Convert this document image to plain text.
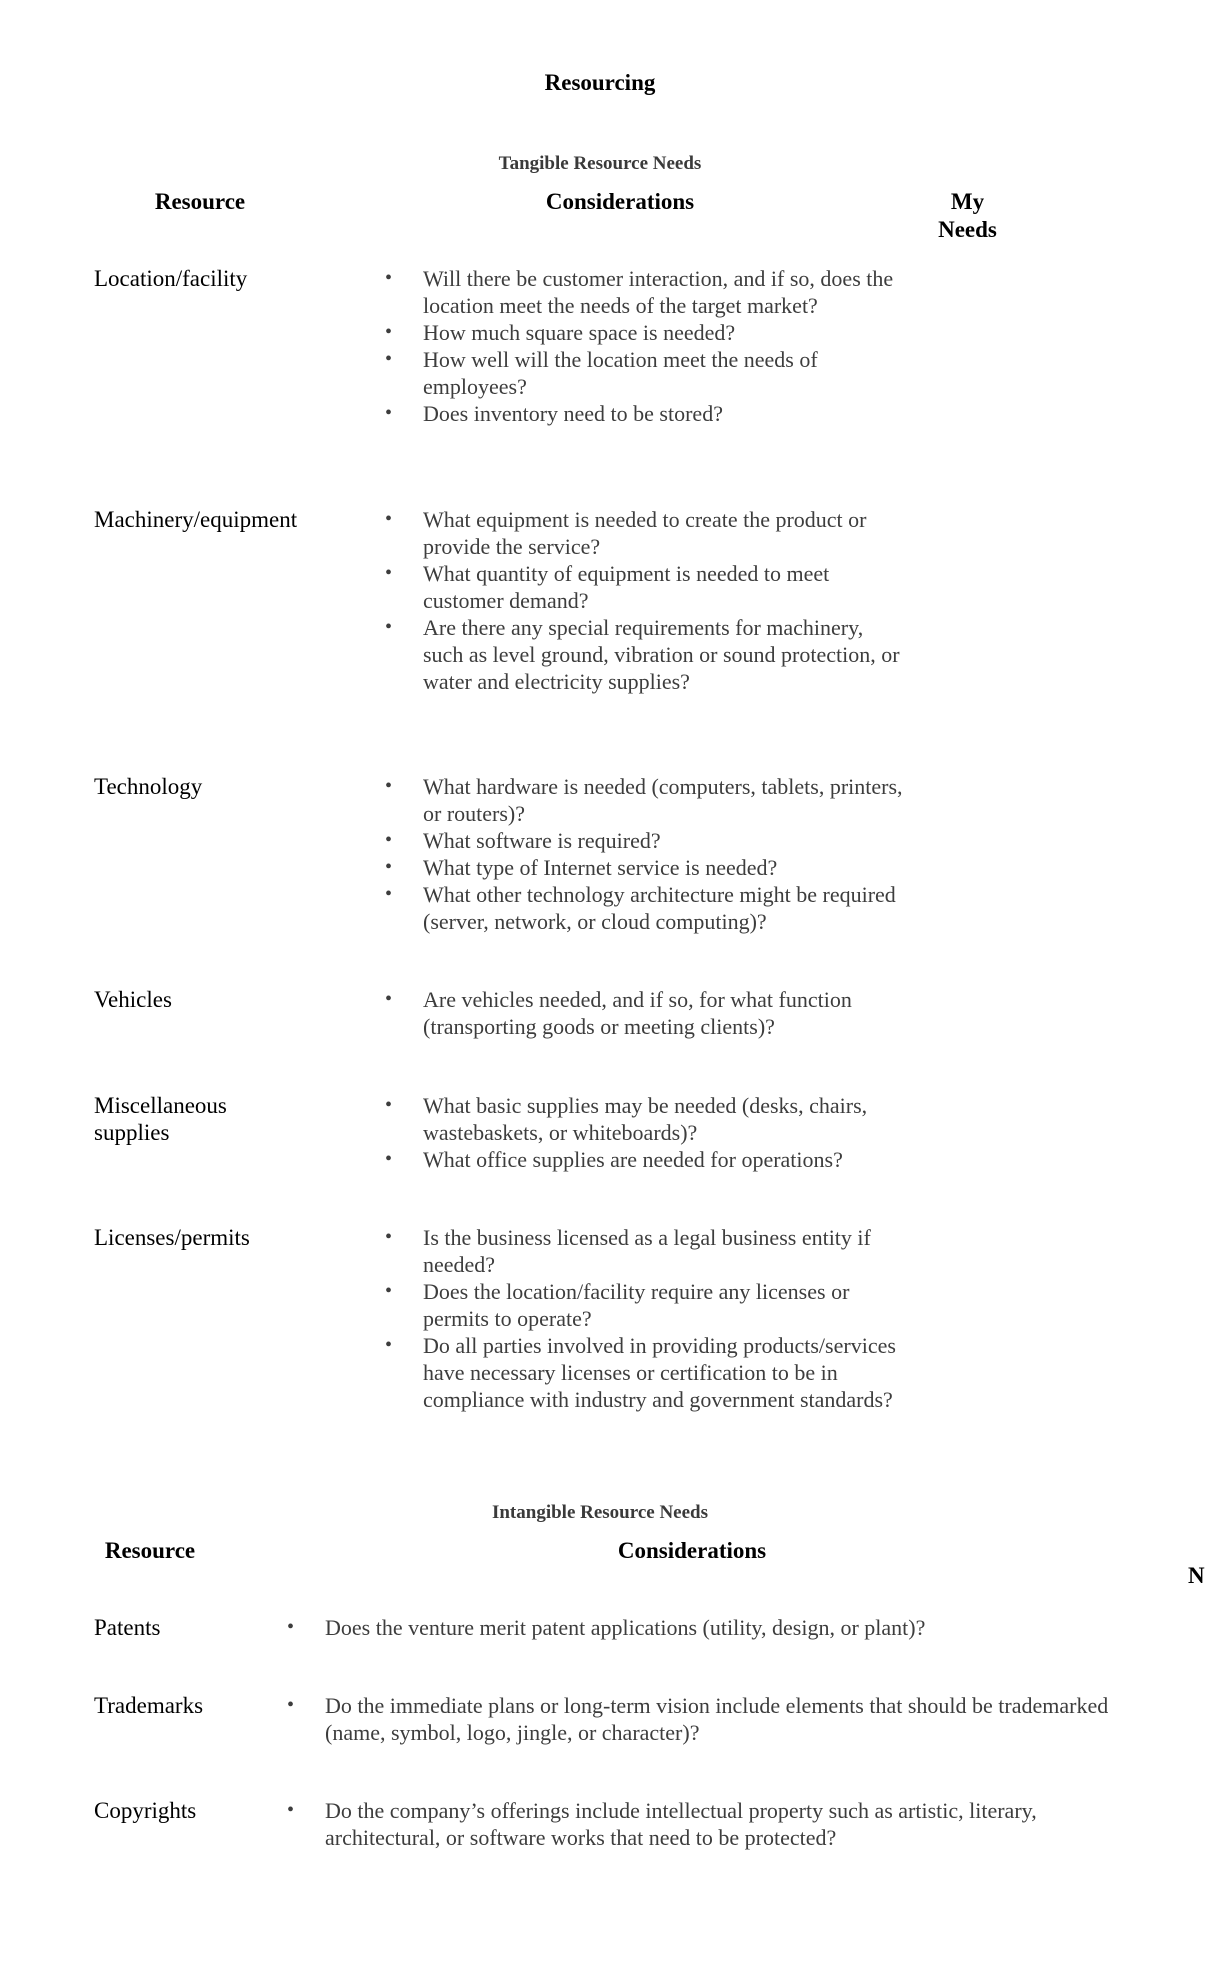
Resourcing
Tangible Resource Needs
Resource	Considerations	My
Needs
Location/facility	• Will there be customer interaction, and if so, does the location meet the needs of the target market?
• How much square space is needed?
• How well will the location meet the needs of employees?
• Does inventory need to be stored?
Machinery/equipment	• What equipment is needed to create the product or provide the service?
• What quantity of equipment is needed to meet customer demand?
• Are there any special requirements for machinery, such as level ground, vibration or sound protection, or water and electricity supplies?
Technology	• What hardware is needed (computers, tablets, printers, or routers)?
• What software is required?
• What type of Internet service is needed?
• What other technology architecture might be required (server, network, or cloud computing)?
Vehicles	• Are vehicles needed, and if so, for what function (transporting goods or meeting clients)?
Miscellaneous
supplies
• What basic supplies may be needed (desks, chairs, wastebaskets, or whiteboards)?
• What office supplies are needed for operations?
Licenses/permits	• Is the business licensed as a legal business entity if needed?
• Does the location/facility require any licenses or permits to operate?
• Do all parties involved in providing products/services have necessary licenses or certification to be in compliance with industry and government standards?
Intangible Resource Needs
Resource	Considerations
N
Patents	• Does the venture merit patent applications (utility, design, or plant)?
Trademarks	• Do the immediate plans or long-term vision include elements that should be trademarked (name, symbol, logo, jingle, or character)?
Copyrights	• Do the company’s offerings include intellectual property such as artistic, literary, architectural, or software works that need to be protected?
